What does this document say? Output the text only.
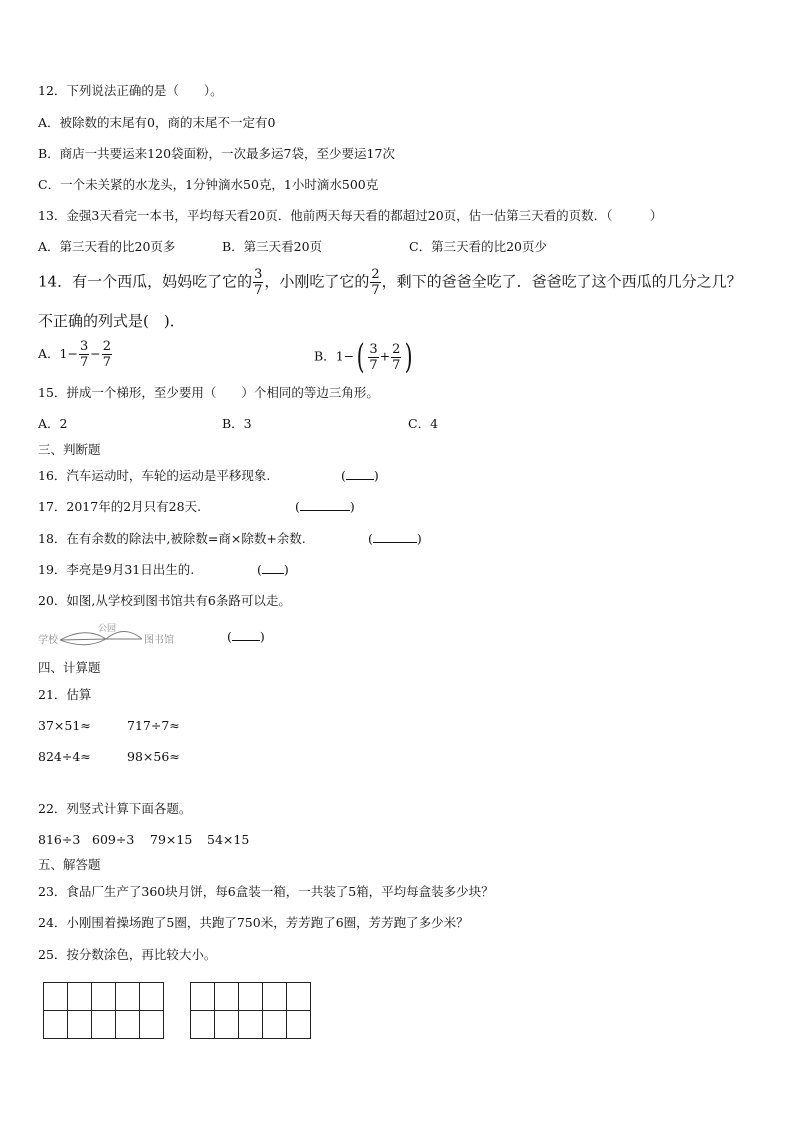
12．下列说法正确的是（　　）。
A．被除数的末尾有0，商的末尾不一定有0
B．商店一共要运来120袋面粉，一次最多运7袋，至少要运17次
C．一个未关紧的水龙头，1分钟滴水50克，1小时滴水500克
13．金强3天看完一本书，平均每天看20页．他前两天每天看的都超过20页，估一估第三天看的页数．（　　　）
A．第三天看的比20页多	B．第三天看20页	C．第三天看的比20页少
14．有一个西瓜，妈妈吃了它的 $\frac{3}{7}$ ，小刚吃了它的 $\frac{2}{7}$ ，剩下的爸爸全吃了．爸爸吃了这个西瓜的几分之几？
不正确的列式是(　)．
A．$1- \frac{3}{7} - \frac{2}{7}$	B．$1-( \frac{3}{7} + \frac{2}{7}$ )
15．拼成一个梯形，至少要用（　　）个相同的等边三角形。
A．2	B．3	C．4
三、判断题
16．汽车运动时，车轮的运动是平移现象.	( )
17．2017年的2月只有28天.	(	)
18．在有余数的除法中,被除数=商×除数+余数.	(	)
19．李亮是9月31日出生的.	( )
20．如图,从学校到图书馆共有6条路可以走。
学校
公园
图书馆	( )
四、计算题
21．估算
37×51≈	717÷7≈
824÷4≈	98×56≈
22．列竖式计算下面各题。
816÷3 609÷3 79×15 54×15
五、解答题
23．食品厂生产了360块月饼，每6盒装一箱，一共装了5箱，平均每盒装多少块？
24．小刚围着操场跑了5圈，共跑了750米，芳芳跑了6圈，芳芳跑了多少米？
25．按分数涂色，再比较大小。
